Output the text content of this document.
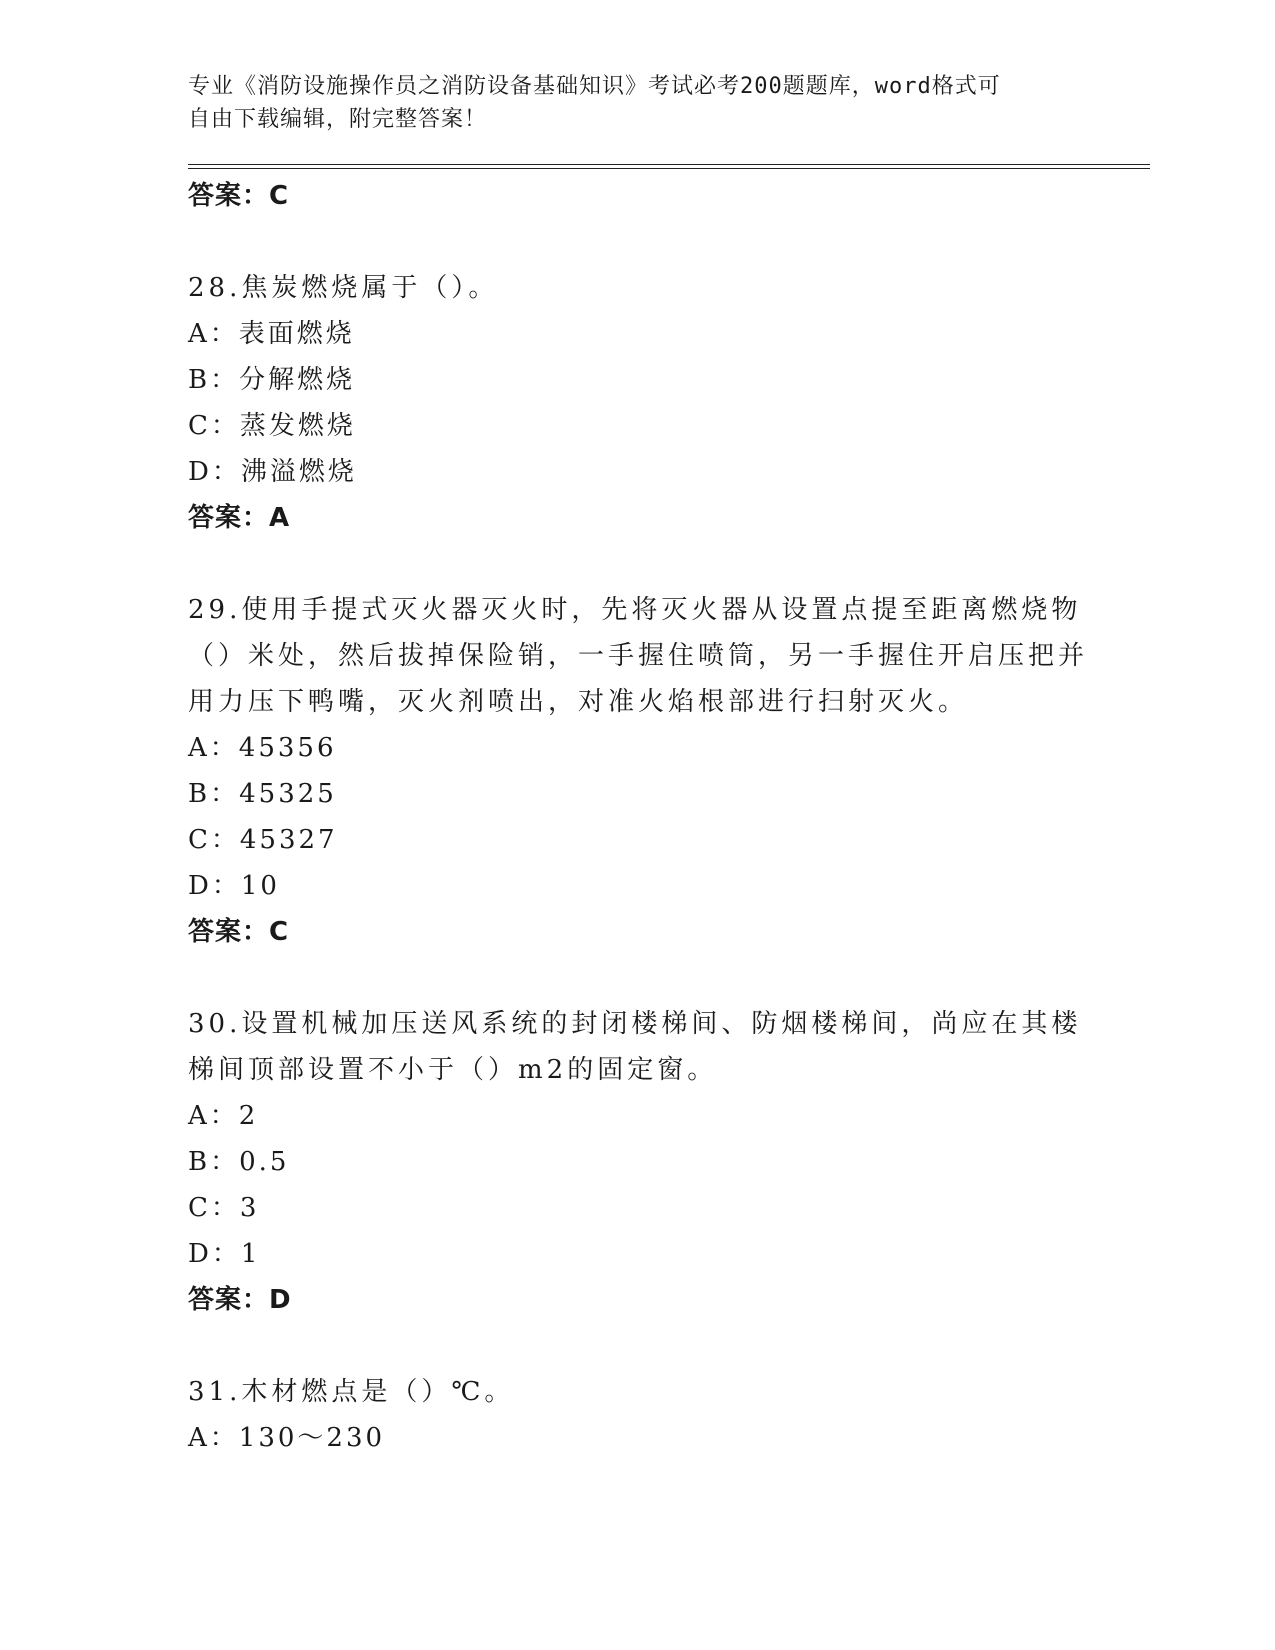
专业《消防设施操作员之消防设备基础知识》考试必考200题题库，word格式可
自由下载编辑，附完整答案！
答案：C
28.焦炭燃烧属于（）。
A：表面燃烧
B：分解燃烧
C：蒸发燃烧
D：沸溢燃烧
答案：A
29.使用手提式灭火器灭火时，先将灭火器从设置点提至距离燃烧物（）米处，然后拔掉保险销，一手握住喷筒，另一手握住开启压把并用力压下鸭嘴，灭火剂喷出，对准火焰根部进行扫射灭火。
A：45356
B：45325
C：45327
D：10
答案：C
30.设置机械加压送风系统的封闭楼梯间、防烟楼梯间，尚应在其楼梯间顶部设置不小于（）m2的固定窗。
A：2
B：0.5
C：3
D：1
答案：D
31.木材燃点是（）℃。
A：130～230
